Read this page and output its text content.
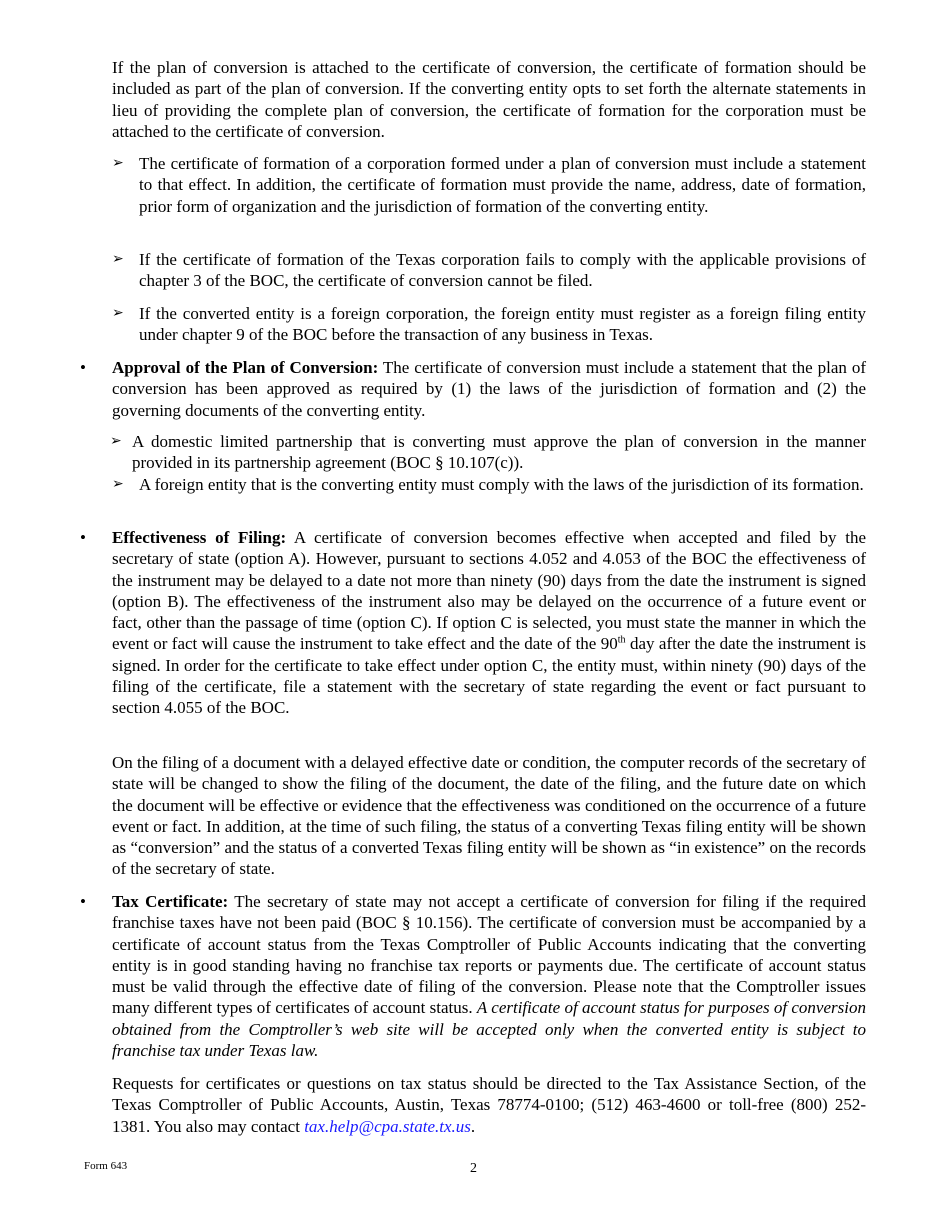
If the plan of conversion is attached to the certificate of conversion, the certificate of formation should be included as part of the plan of conversion. If the converting entity opts to set forth the alternate statements in lieu of providing the complete plan of conversion, the certificate of formation for the corporation must be attached to the certificate of conversion.

➢ The certificate of formation of a corporation formed under a plan of conversion must include a statement to that effect. In addition, the certificate of formation must provide the name, address, date of formation, prior form of organization and the jurisdiction of formation of the converting entity.

➢ If the certificate of formation of the Texas corporation fails to comply with the applicable provisions of chapter 3 of the BOC, the certificate of conversion cannot be filed.

➢ If the converted entity is a foreign corporation, the foreign entity must register as a foreign filing entity under chapter 9 of the BOC before the transaction of any business in Texas.

• Approval of the Plan of Conversion: The certificate of conversion must include a statement that the plan of conversion has been approved as required by (1) the laws of the jurisdiction of formation and (2) the governing documents of the converting entity.

➢ A domestic limited partnership that is converting must approve the plan of conversion in the manner provided in its partnership agreement (BOC § 10.107(c)).

➢ A foreign entity that is the converting entity must comply with the laws of the jurisdiction of its formation.

• Effectiveness of Filing: A certificate of conversion becomes effective when accepted and filed by the secretary of state (option A). However, pursuant to sections 4.052 and 4.053 of the BOC the effectiveness of the instrument may be delayed to a date not more than ninety (90) days from the date the instrument is signed (option B). The effectiveness of the instrument also may be delayed on the occurrence of a future event or fact, other than the passage of time (option C). If option C is selected, you must state the manner in which the event or fact will cause the instrument to take effect and the date of the 90th day after the date the instrument is signed. In order for the certificate to take effect under option C, the entity must, within ninety (90) days of the filing of the certificate, file a statement with the secretary of state regarding the event or fact pursuant to section 4.055 of the BOC.

On the filing of a document with a delayed effective date or condition, the computer records of the secretary of state will be changed to show the filing of the document, the date of the filing, and the future date on which the document will be effective or evidence that the effectiveness was conditioned on the occurrence of a future event or fact. In addition, at the time of such filing, the status of a converting Texas filing entity will be shown as “conversion” and the status of a converted Texas filing entity will be shown as “in existence” on the records of the secretary of state.

• Tax Certificate: The secretary of state may not accept a certificate of conversion for filing if the required franchise taxes have not been paid (BOC § 10.156). The certificate of conversion must be accompanied by a certificate of account status from the Texas Comptroller of Public Accounts indicating that the converting entity is in good standing having no franchise tax reports or payments due. The certificate of account status must be valid through the effective date of filing of the conversion. Please note that the Comptroller issues many different types of certificates of account status. A certificate of account status for purposes of conversion obtained from the Comptroller’s web site will be accepted only when the converted entity is subject to franchise tax under Texas law.

Requests for certificates or questions on tax status should be directed to the Tax Assistance Section, of the Texas Comptroller of Public Accounts, Austin, Texas 78774-0100; (512) 463-4600 or toll-free (800) 252-1381. You also may contact tax.help@cpa.state.tx.us.

Form 643	2
